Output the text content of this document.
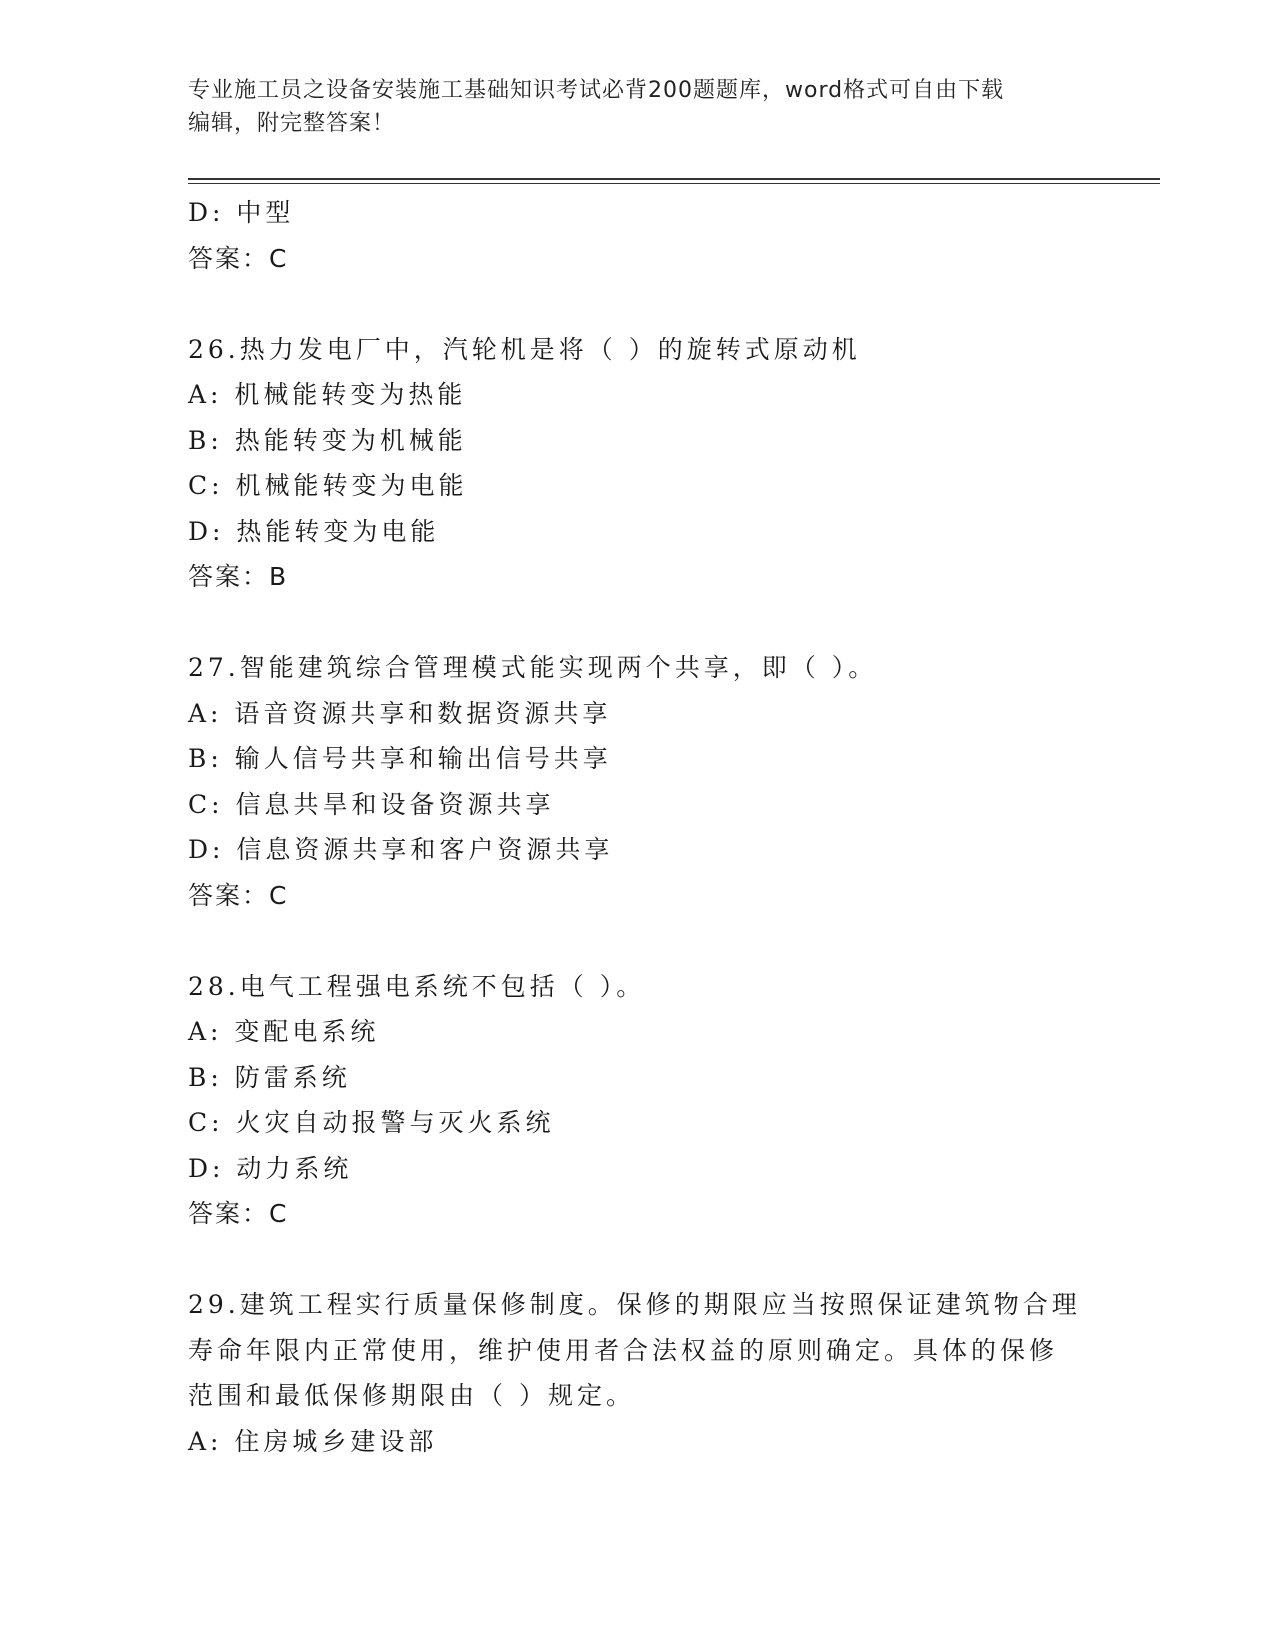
专业施工员之设备安装施工基础知识考试必背200题题库，word格式可自由下载
编辑，附完整答案！
D: 中型
答案：C
26.热力发电厂中，汽轮机是将（ ）的旋转式原动机
A: 机械能转变为热能
B: 热能转变为机械能
C: 机械能转变为电能
D: 热能转变为电能
答案：B
27.智能建筑综合管理模式能实现两个共享，即（ ）。
A: 语音资源共享和数据资源共享
B: 输人信号共享和输出信号共享
C: 信息共旱和设备资源共享
D: 信息资源共享和客户资源共享
答案：C
28.电气工程强电系统不包括（ ）。
A: 变配电系统
B: 防雷系统
C: 火灾自动报警与灭火系统
D: 动力系统
答案：C
29.建筑工程实行质量保修制度。保修的期限应当按照保证建筑物合理
寿命年限内正常使用，维护使用者合法权益的原则确定。具体的保修
范围和最低保修期限由（ ）规定。
A: 住房城乡建设部
